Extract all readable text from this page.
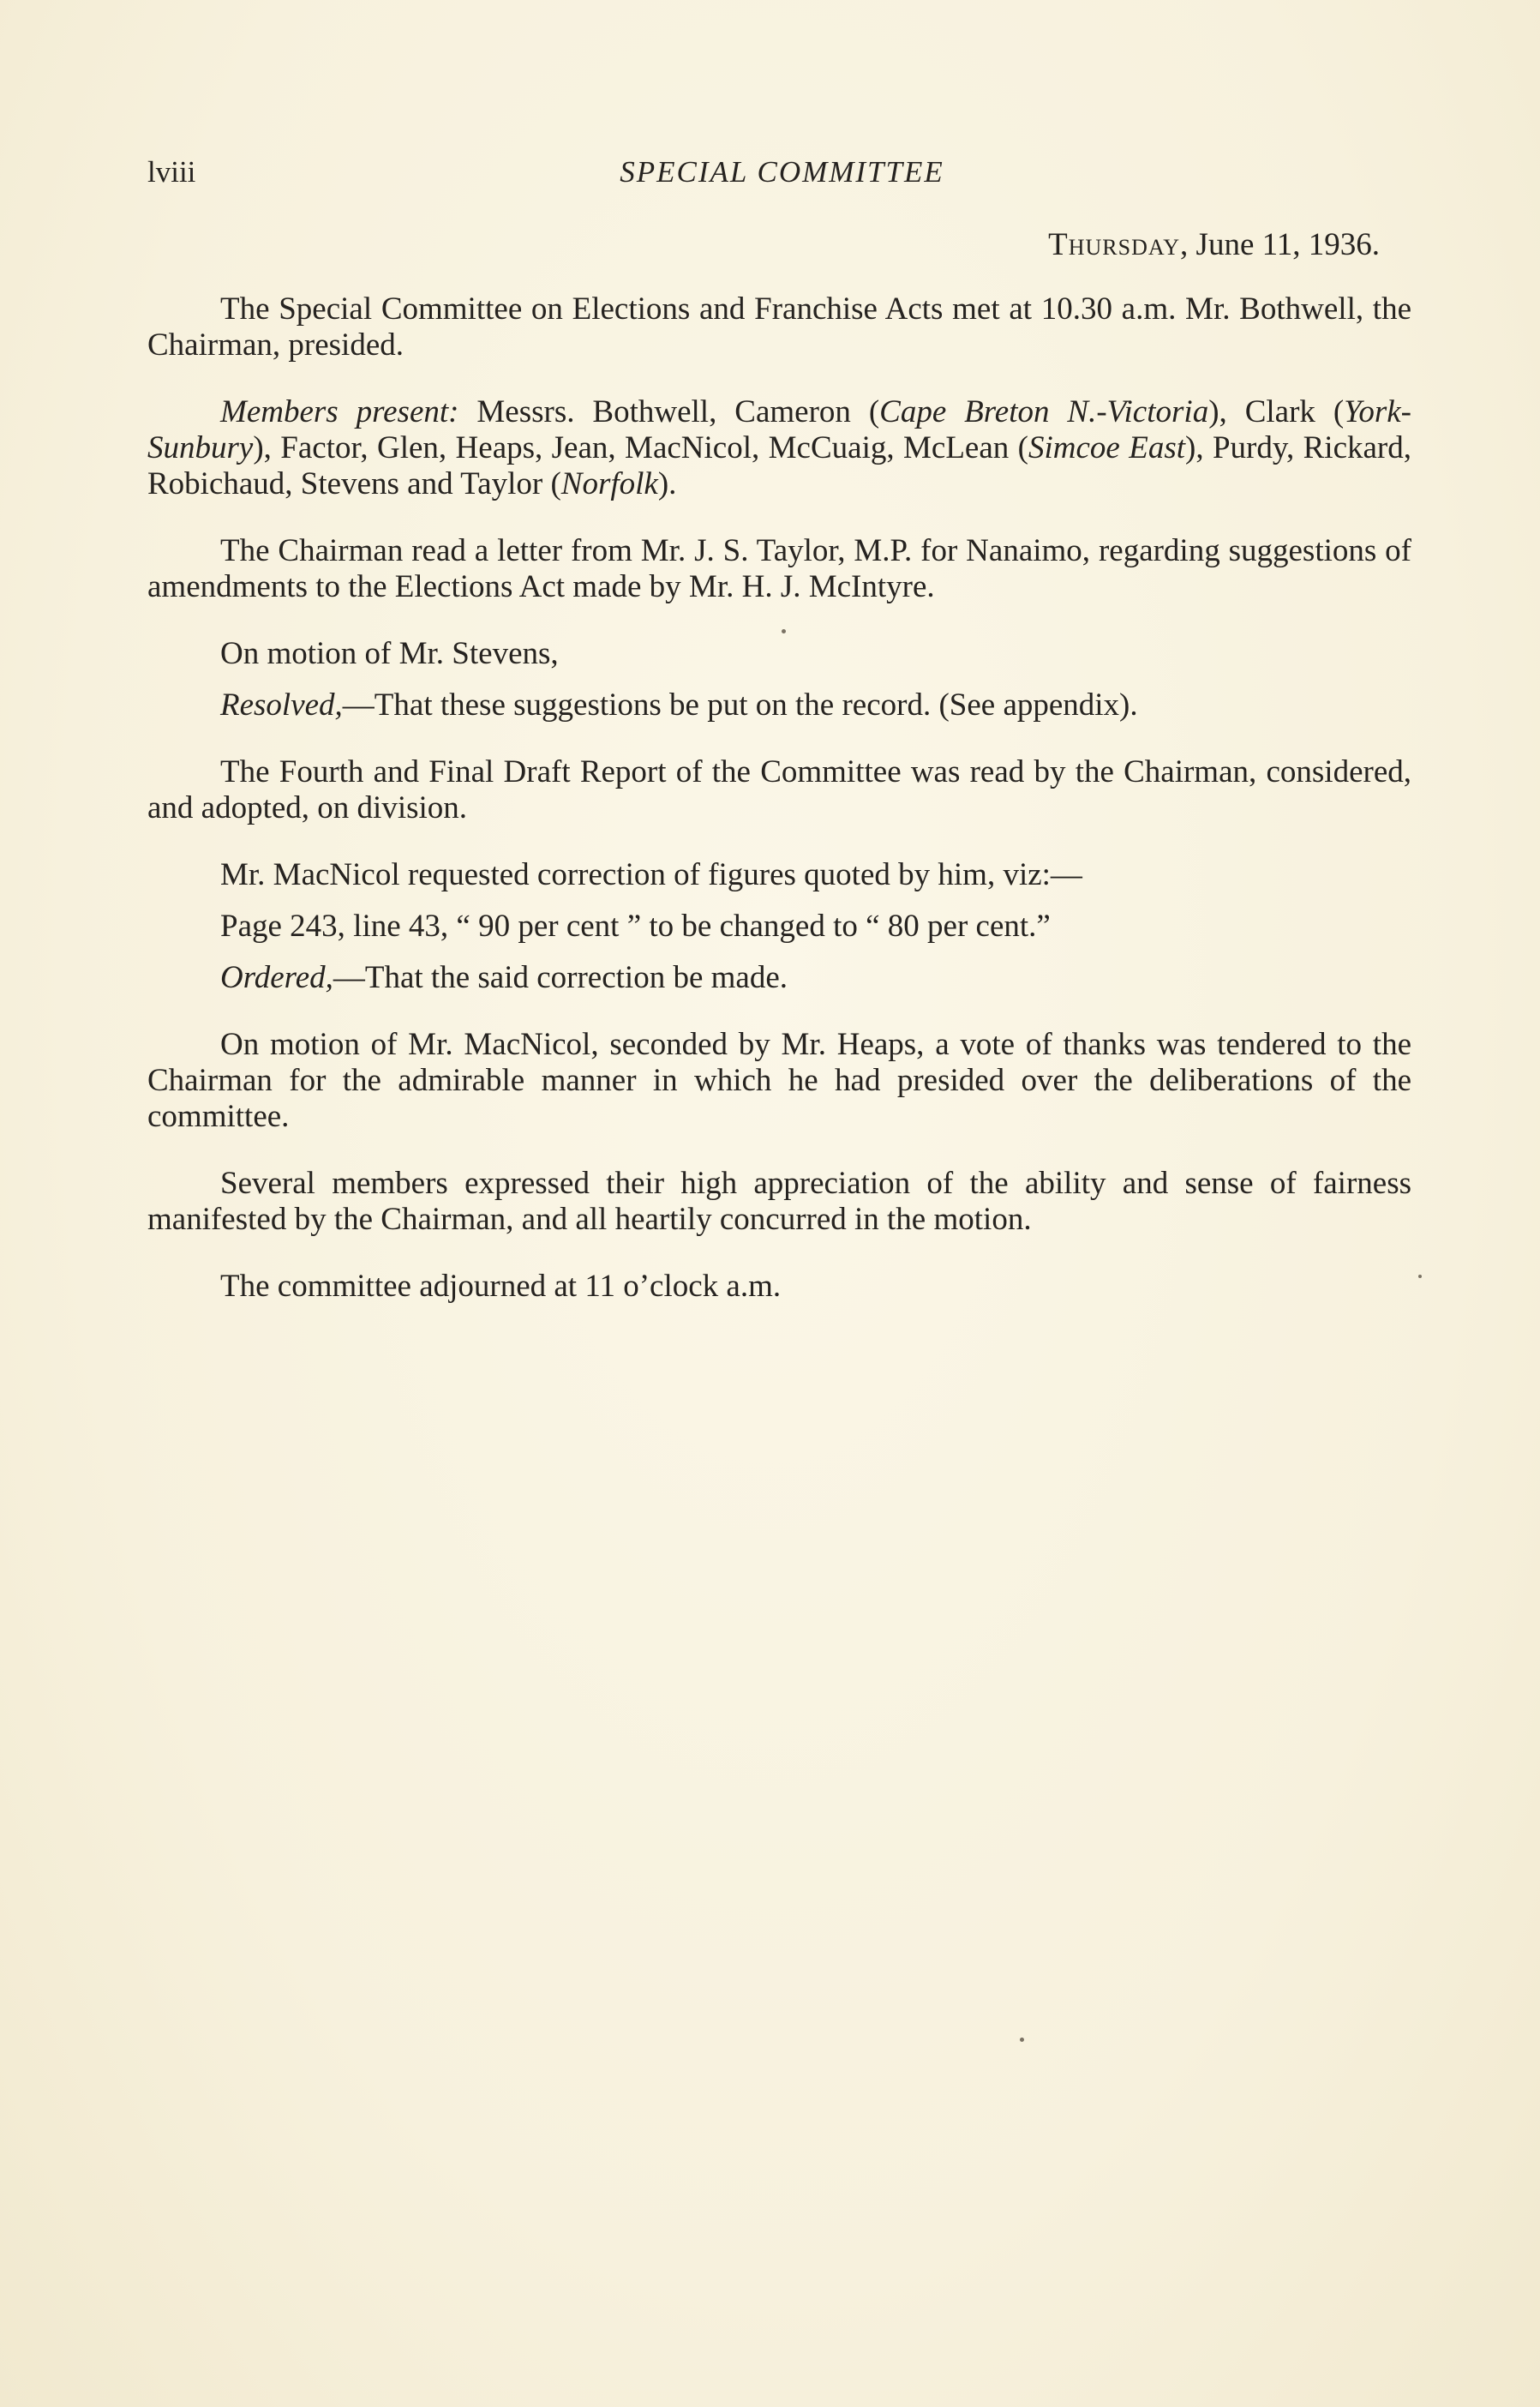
lviii	SPECIAL COMMITTEE
Thursday, June 11, 1936.

The Special Committee on Elections and Franchise Acts met at 10.30 a.m. Mr. Bothwell, the Chairman, presided.

Members present: Messrs. Bothwell, Cameron (Cape Breton N.-Victoria), Clark (York-Sunbury), Factor, Glen, Heaps, Jean, MacNicol, McCuaig, McLean (Simcoe East), Purdy, Rickard, Robichaud, Stevens and Taylor (Norfolk).

The Chairman read a letter from Mr. J. S. Taylor, M.P. for Nanaimo, regarding suggestions of amendments to the Elections Act made by Mr. H. J. McIntyre.

On motion of Mr. Stevens,

Resolved,—That these suggestions be put on the record. (See appendix).

The Fourth and Final Draft Report of the Committee was read by the Chairman, considered, and adopted, on division.

Mr. MacNicol requested correction of figures quoted by him, viz:—

Page 243, line 43, “ 90 per cent ” to be changed to “ 80 per cent.”

Ordered,—That the said correction be made.

On motion of Mr. MacNicol, seconded by Mr. Heaps, a vote of thanks was tendered to the Chairman for the admirable manner in which he had presided over the deliberations of the committee.

Several members expressed their high appreciation of the ability and sense of fairness manifested by the Chairman, and all heartily concurred in the motion.

The committee adjourned at 11 o’clock a.m.
